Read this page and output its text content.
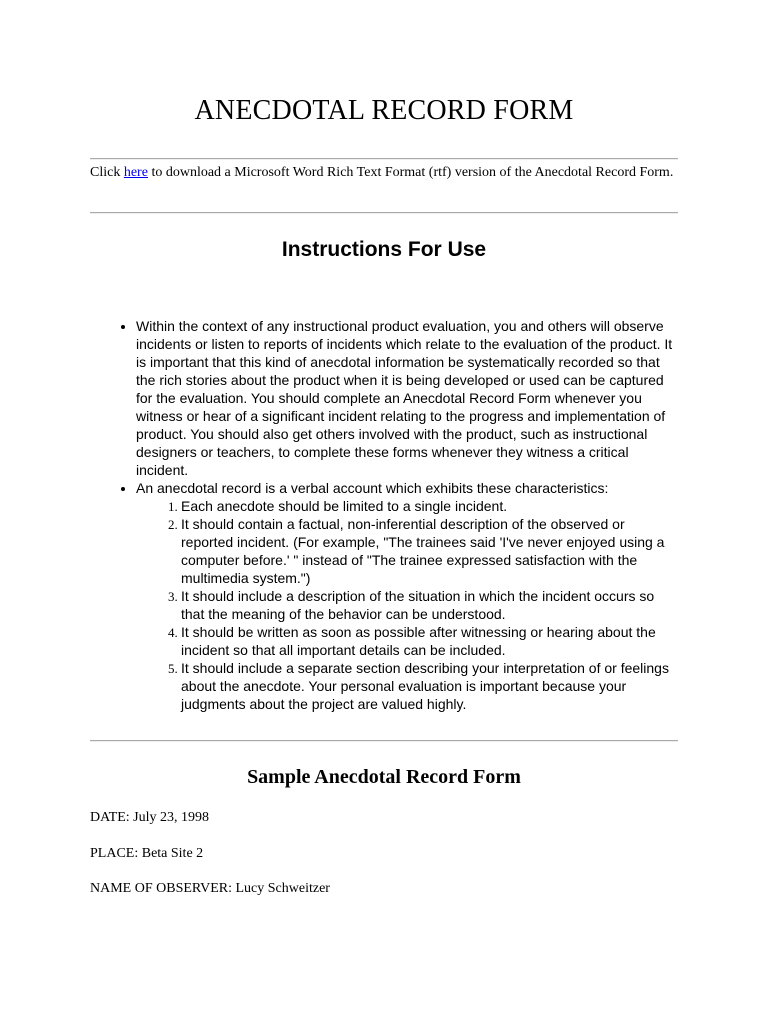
ANECDOTAL RECORD FORM

Click here to download a Microsoft Word Rich Text Format (rtf) version of the Anecdotal Record Form.

Instructions For Use
• Within the context of any instructional product evaluation, you and others will observe incidents or listen to reports of incidents which relate to the evaluation of the product. It is important that this kind of anecdotal information be systematically recorded so that the rich stories about the product when it is being developed or used can be captured for the evaluation. You should complete an Anecdotal Record Form whenever you witness or hear of a significant incident relating to the progress and implementation of product. You should also get others involved with the product, such as instructional designers or teachers, to complete these forms whenever they witness a critical incident.
• An anecdotal record is a verbal account which exhibits these characteristics:
1. Each anecdote should be limited to a single incident.
2. It should contain a factual, non-inferential description of the observed or reported incident. (For example, "The trainees said 'I've never enjoyed using a computer before.' " instead of "The trainee expressed satisfaction with the multimedia system.")
3. It should include a description of the situation in which the incident occurs so that the meaning of the behavior can be understood.
4. It should be written as soon as possible after witnessing or hearing about the incident so that all important details can be included.
5. It should include a separate section describing your interpretation of or feelings about the anecdote. Your personal evaluation is important because your judgments about the project are valued highly.
Sample Anecdotal Record Form

DATE: July 23, 1998

PLACE: Beta Site 2

NAME OF OBSERVER: Lucy Schweitzer
